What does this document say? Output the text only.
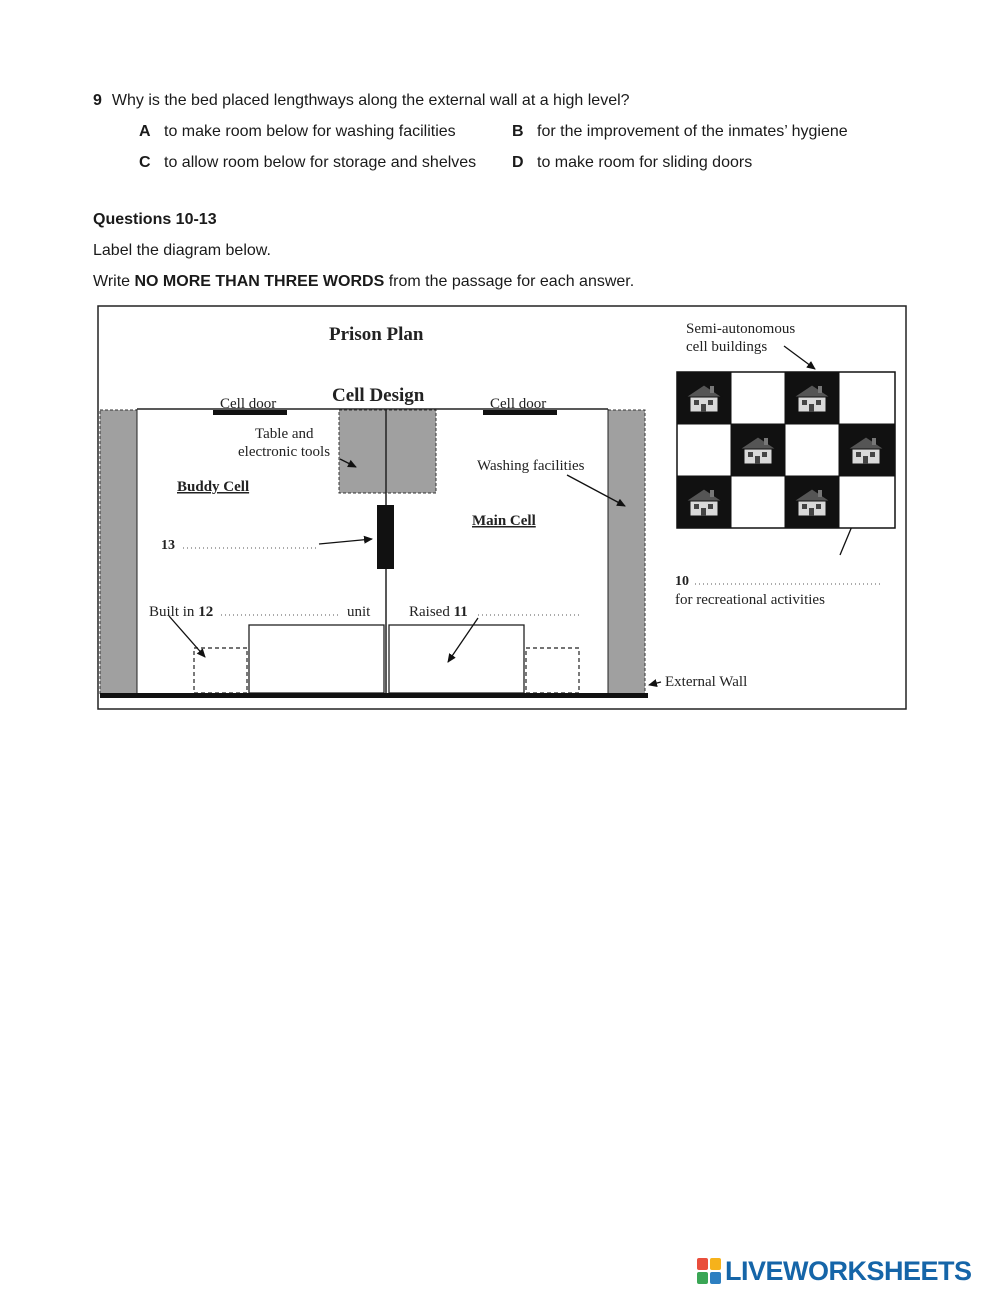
9 Why is the bed placed lengthways along the external wall at a high level?
A to make room below for washing facilities	B for the improvement of the inmates’ hygiene
C to allow room below for storage and shelves D to make room for sliding doors
Questions 10-13
Label the diagram below.
Write NO MORE THAN THREE WORDS from the passage for each answer.
Prison Plan
Cell Design
Cell door	Cell door
Table and
electronic tools
Buddy Cell
Main Cell
Washing facilities
13
Built in 12	unit	Raised 11
Semi-autonomous
cell buildings
10
for recreational activities
External Wall
LIVEWORKSHEETS
